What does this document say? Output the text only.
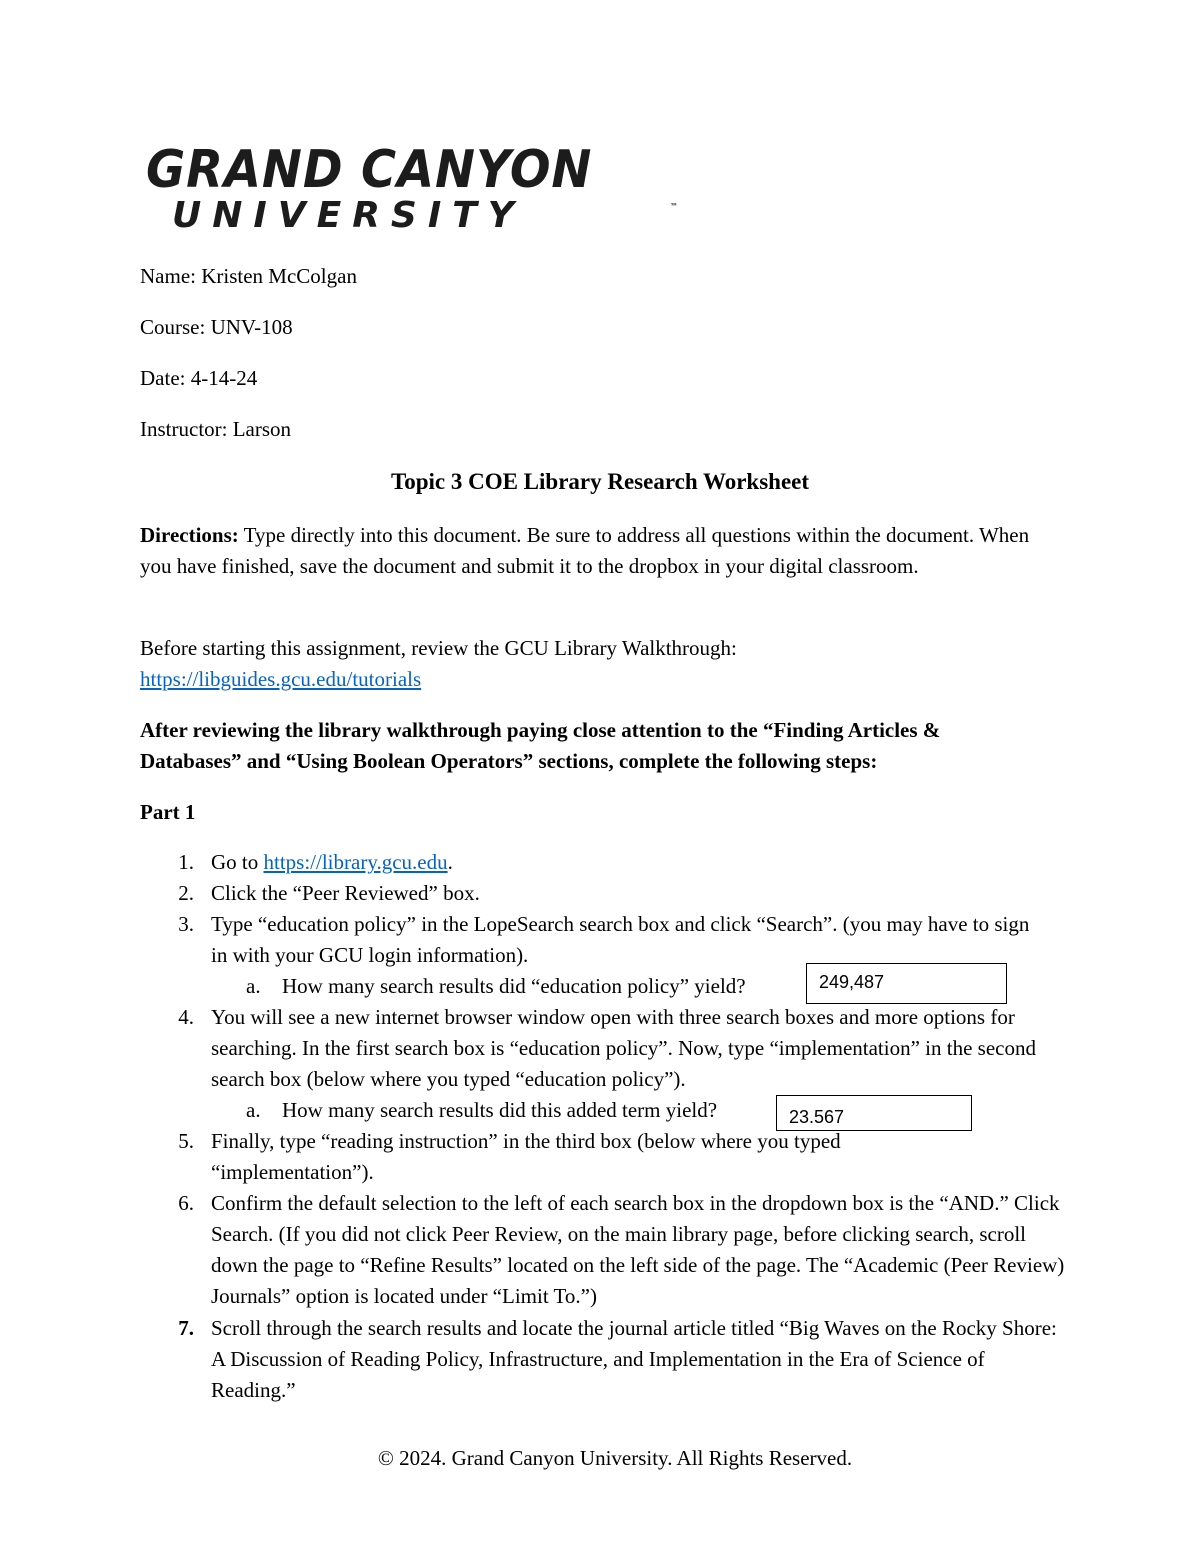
GRAND CANYON
UNIVERSITY	™
Name: Kristen McColgan
Course: UNV-108
Date: 4-14-24
Instructor: Larson
Topic 3 COE Library Research Worksheet
Directions: Type directly into this document. Be sure to address all questions within the document. When you have finished, save the document and submit it to the dropbox in your digital classroom.
Before starting this assignment, review the GCU Library Walkthrough:
https://libguides.gcu.edu/tutorials
After reviewing the library walkthrough paying close attention to the “Finding Articles & Databases” and “Using Boolean Operators” sections, complete the following steps:
Part 1
1. Go to https://library.gcu.edu.
2. Click the “Peer Reviewed” box.
3. Type “education policy” in the LopeSearch search box and click “Search”. (you may have to sign in with your GCU login information).
a. How many search results did “education policy” yield?	249,487
4. You will see a new internet browser window open with three search boxes and more options for searching. In the first search box is “education policy”. Now, type “implementation” in the second search box (below where you typed “education policy”).
a. How many search results did this added term yield?	23.567
5. Finally, type “reading instruction” in the third box (below where you typed “implementation”).
6. Confirm the default selection to the left of each search box in the dropdown box is the “AND.” Click Search. (If you did not click Peer Review, on the main library page, before clicking search, scroll down the page to “Refine Results” located on the left side of the page. The “Academic (Peer Review) Journals” option is located under “Limit To.”)
7. Scroll through the search results and locate the journal article titled “Big Waves on the Rocky Shore: A Discussion of Reading Policy, Infrastructure, and Implementation in the Era of Science of Reading.”
© 2024. Grand Canyon University. All Rights Reserved.
